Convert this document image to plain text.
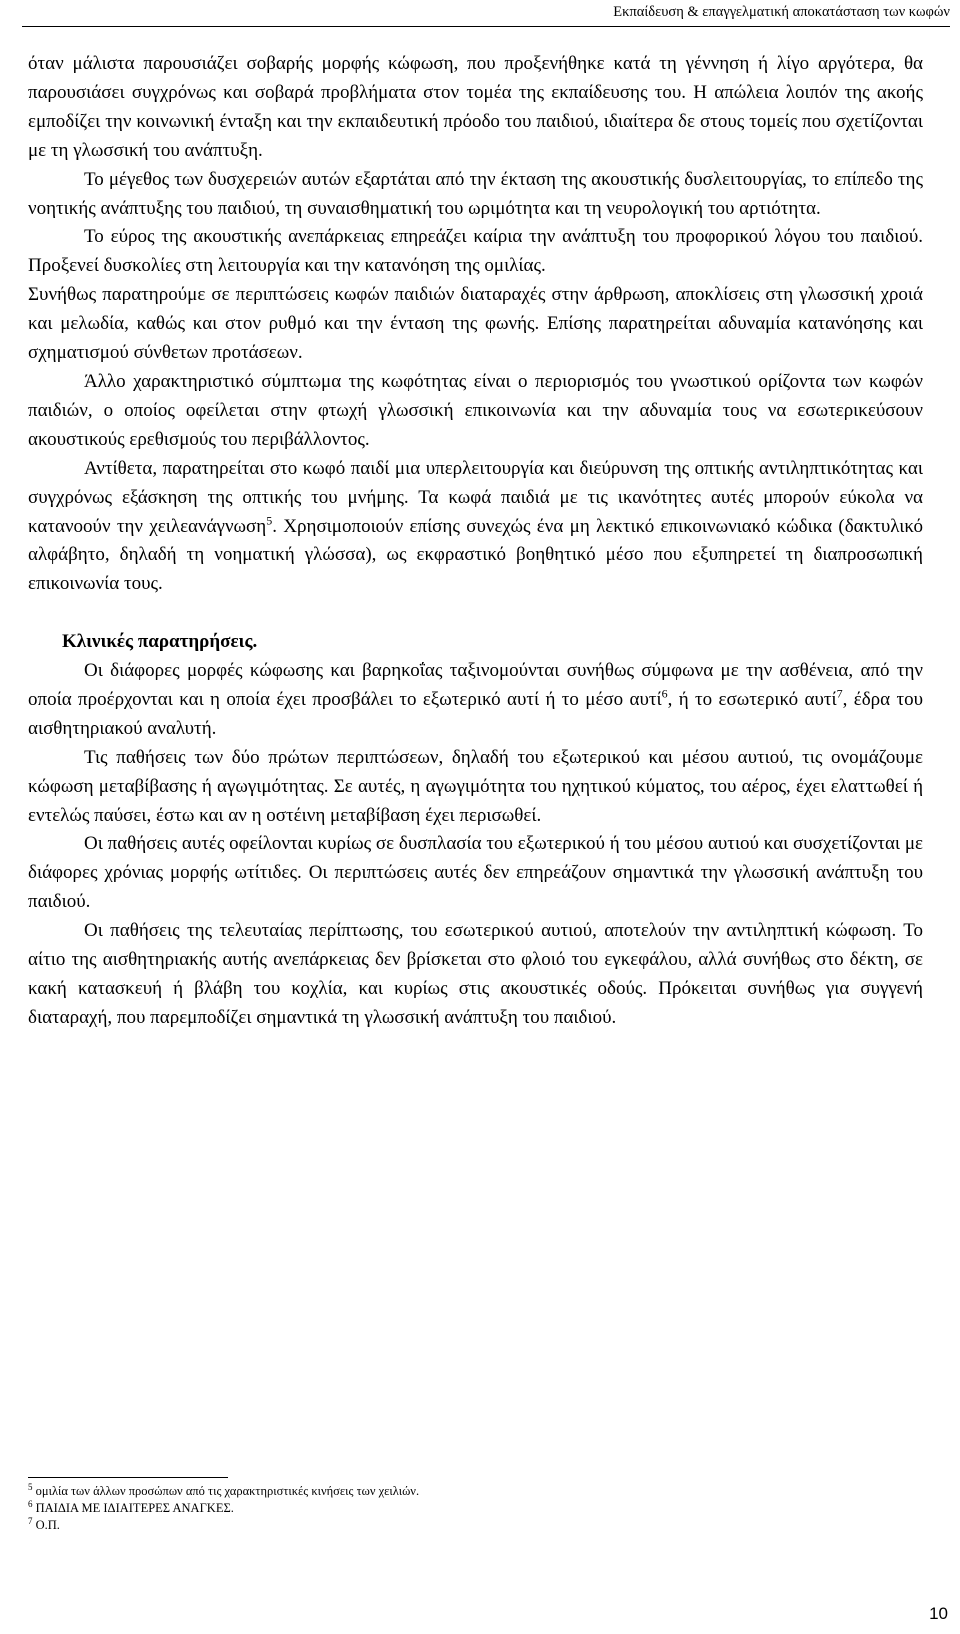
Εκπαίδευση & επαγγελματική αποκατάσταση των κωφών

όταν μάλιστα παρουσιάζει σοβαρής μορφής κώφωση, που προξενήθηκε κατά τη γέννηση ή λίγο αργότερα, θα παρουσιάσει συγχρόνως και σοβαρά προβλήματα στον τομέα της εκπαίδευσης του. Η απώλεια λοιπόν της ακοής εμποδίζει την κοινωνική ένταξη και την εκπαιδευτική πρόοδο του παιδιού, ιδιαίτερα δε στους τομείς που σχετίζονται με τη γλωσσική του ανάπτυξη.

Το μέγεθος των δυσχερειών αυτών εξαρτάται από την έκταση της ακουστικής δυσλειτουργίας, το επίπεδο της νοητικής ανάπτυξης του παιδιού, τη συναισθηματική του ωριμότητα και τη νευρολογική του αρτιότητα.

Το εύρος της ακουστικής ανεπάρκειας επηρεάζει καίρια την ανάπτυξη του προφορικού λόγου του παιδιού. Προξενεί δυσκολίες στη λειτουργία και την κατανόηση της ομιλίας.

Συνήθως παρατηρούμε σε περιπτώσεις κωφών παιδιών διαταραχές στην άρθρωση, αποκλίσεις στη γλωσσική χροιά και μελωδία, καθώς και στον ρυθμό και την ένταση της φωνής. Επίσης παρατηρείται αδυναμία κατανόησης και σχηματισμού σύνθετων προτάσεων.

Άλλο χαρακτηριστικό σύμπτωμα της κωφότητας είναι ο περιορισμός του γνωστικού ορίζοντα των κωφών παιδιών, ο οποίος οφείλεται στην φτωχή γλωσσική επικοινωνία και την αδυναμία τους να εσωτερικεύσουν ακουστικούς ερεθισμούς του περιβάλλοντος.

Αντίθετα, παρατηρείται στο κωφό παιδί μια υπερλειτουργία και διεύρυνση της οπτικής αντιληπτικότητας και συγχρόνως εξάσκηση της οπτικής του μνήμης. Τα κωφά παιδιά με τις ικανότητες αυτές μπορούν εύκολα να κατανοούν την χειλεανάγνωση$^5$. Χρησιμοποιούν επίσης συνεχώς ένα μη λεκτικό επικοινωνιακό κώδικα (δακτυλικό αλφάβητο, δηλαδή τη νοηματική γλώσσα), ως εκφραστικό βοηθητικό μέσο που εξυπηρετεί τη διαπροσωπική επικοινωνία τους.

Κλινικές παρατηρήσεις.

Οι διάφορες μορφές κώφωσης και βαρηκοΐας ταξινομούνται συνήθως σύμφωνα με την ασθένεια, από την οποία προέρχονται και η οποία έχει προσβάλει το εξωτερικό αυτί ή το μέσο αυτί$^6$, ή το εσωτερικό αυτί$^7$, έδρα του αισθητηριακού αναλυτή.

Τις παθήσεις των δύο πρώτων περιπτώσεων, δηλαδή του εξωτερικού και μέσου αυτιού, τις ονομάζουμε κώφωση μεταβίβασης ή αγωγιμότητας. Σε αυτές, η αγωγιμότητα του ηχητικού κύματος, του αέρος, έχει ελαττωθεί ή εντελώς παύσει, έστω και αν η οστέινη μεταβίβαση έχει περισωθεί.

Οι παθήσεις αυτές οφείλονται κυρίως σε δυσπλασία του εξωτερικού ή του μέσου αυτιού και συσχετίζονται με διάφορες χρόνιας μορφής ωτίτιδες. Οι περιπτώσεις αυτές δεν επηρεάζουν σημαντικά την γλωσσική ανάπτυξη του παιδιού.

Οι παθήσεις της τελευταίας περίπτωσης, του εσωτερικού αυτιού, αποτελούν την αντιληπτική κώφωση. Το αίτιο της αισθητηριακής αυτής ανεπάρκειας δεν βρίσκεται στο φλοιό του εγκεφάλου, αλλά συνήθως στο δέκτη, σε κακή κατασκευή ή βλάβη του κοχλία, και κυρίως στις ακουστικές οδούς. Πρόκειται συνήθως για συγγενή διαταραχή, που παρεμποδίζει σημαντικά τη γλωσσική ανάπτυξη του παιδιού.

$^5$ ομιλία των άλλων προσώπων από τις χαρακτηριστικές κινήσεις των χειλιών.
$^6$ ΠΑΙΔΙΑ ΜΕ ΙΔΙΑΙΤΕΡΕΣ ΑΝΑΓΚΕΣ.
$^7$ Ο.Π.
10
